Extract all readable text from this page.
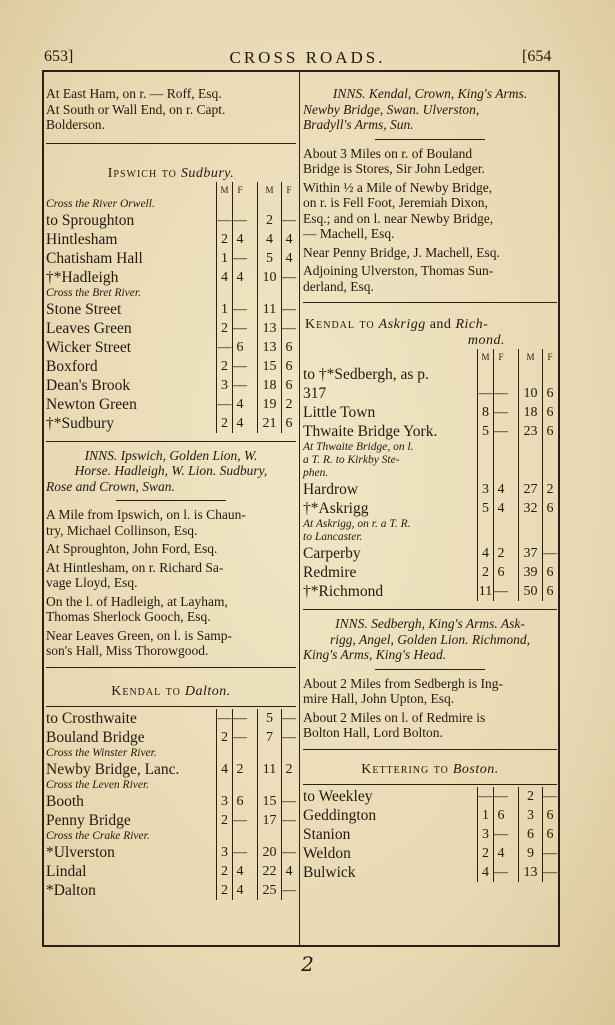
653]	CROSS ROADS.	[654

At East Ham, on r. — Roff, Esq.

At South or Wall End, on r. Capt.

Bolderson.

Ipswich to Sudbury.
	M	F		M	F
Cross the River Orwell.					
to Sproughton	—	—		2	—
Hintlesham	2	4		4	4
Chatisham Hall	1	—		5	4
†*Hadleigh	4	4		10	—
Cross the Bret River.					
Stone Street	1	—		11	—
Leaves Green	2	—		13	—
Wicker Street	—	6		13	6
Boxford	2	—		15	6
Dean's Brook	3	—		18	6
Newton Green	—	4		19	2
†*Sudbury	2	4		21	6

INNS. Ipswich, Golden Lion, W.

Horse. Hadleigh, W. Lion. Sudbury,

Rose and Crown, Swan.

A Mile from Ipswich, on l. is Chaun-

try, Michael Collinson, Esq.

At Sproughton, John Ford, Esq.

At Hintlesham, on r. Richard Sa-

vage Lloyd, Esq.

On the l. of Hadleigh, at Layham,

Thomas Sherlock Gooch, Esq.

Near Leaves Green, on l. is Samp-

son's Hall, Miss Thorowgood.

Kendal to Dalton.
to Crosthwaite	—	—		5	—
Bouland Bridge	2	—		7	—
Cross the Winster River.					
Newby Bridge, Lanc.	4	2		11	2
Cross the Leven River.					
Booth	3	6		15	—
Penny Bridge	2	—		17	—
Cross the Crake River.					
*Ulverston	3	—		20	—
Lindal	2	4		22	4
*Dalton	2	4		25	—

INNS. Kendal, Crown, King's Arms.

Newby Bridge, Swan. Ulverston,

Bradyll's Arms, Sun.

About 3 Miles on r. of Bouland

Bridge is Stores, Sir John Ledger.

Within ½ a Mile of Newby Bridge,

on r. is Fell Foot, Jeremiah Dixon,

Esq.; and on l. near Newby Bridge,

— Machell, Esq.

Near Penny Bridge, J. Machell, Esq.

Adjoining Ulverston, Thomas Sun-

derland, Esq.

Kendal to Askrigg and Rich-
mond.
	M	F		M	F
to †*Sedbergh, as p.					
317	—	—		10	6
Little Town	8	—		18	6
Thwaite Bridge York.	5	—		23	6
At Thwaite Bridge, on l.					
a T. R. to Kirkby Ste-					
phen.					
Hardrow	3	4		27	2
†*Askrigg	5	4		32	6
At Askrigg, on r. a T. R.					
to Lancaster.					
Carperby	4	2		37	—
Redmire	2	6		39	6
†*Richmond	11	—		50	6

INNS. Sedbergh, King's Arms. Ask-

rigg, Angel, Golden Lion. Richmond,

King's Arms, King's Head.

About 2 Miles from Sedbergh is Ing-

mire Hall, John Upton, Esq.

About 2 Miles on l. of Redmire is

Bolton Hall, Lord Bolton.

Kettering to Boston.
to Weekley	—	—		2	—
Geddington	1	6		3	6
Stanion	3	—		6	6
Weldon	2	4		9	—
Bulwick	4	—		13	—
2
